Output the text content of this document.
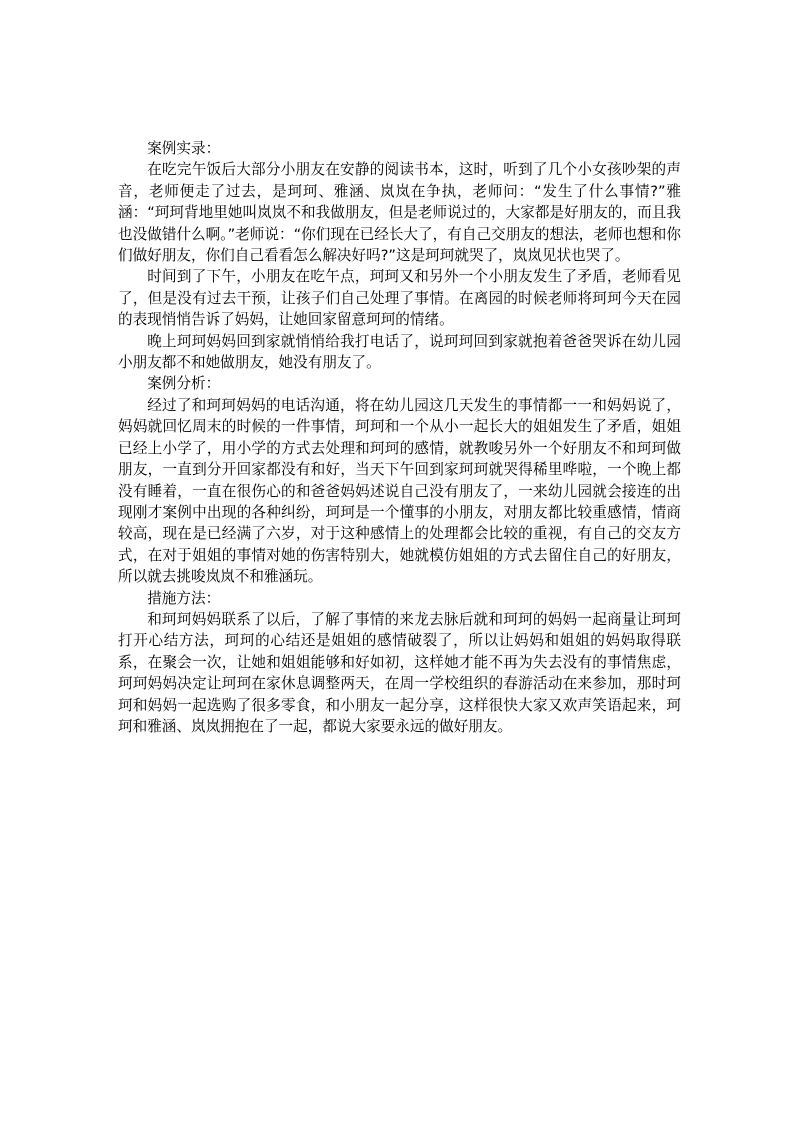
案例实录：

在吃完午饭后大部分小朋友在安静的阅读书本，这时，听到了几个小女孩吵架的声音，老师便走了过去，是珂珂、雅涵、岚岚在争执，老师问：“发生了什么事情?”雅涵：“珂珂背地里她叫岚岚不和我做朋友，但是老师说过的，大家都是好朋友的，而且我也没做错什么啊。”老师说：“你们现在已经长大了，有自己交朋友的想法，老师也想和你们做好朋友，你们自己看看怎么解决好吗?”这是珂珂就哭了，岚岚见状也哭了。

时间到了下午，小朋友在吃午点，珂珂又和另外一个小朋友发生了矛盾，老师看见了，但是没有过去干预，让孩子们自己处理了事情。在离园的时候老师将珂珂今天在园的表现悄悄告诉了妈妈，让她回家留意珂珂的情绪。

晚上珂珂妈妈回到家就悄悄给我打电话了，说珂珂回到家就抱着爸爸哭诉在幼儿园小朋友都不和她做朋友，她没有朋友了。

案例分析：

经过了和珂珂妈妈的电话沟通，将在幼儿园这几天发生的事情都一一和妈妈说了，妈妈就回忆周末的时候的一件事情，珂珂和一个从小一起长大的姐姐发生了矛盾，姐姐已经上小学了，用小学的方式去处理和珂珂的感情，就教唆另外一个好朋友不和珂珂做朋友，一直到分开回家都没有和好，当天下午回到家珂珂就哭得稀里哗啦，一个晚上都没有睡着，一直在很伤心的和爸爸妈妈述说自己没有朋友了，一来幼儿园就会接连的出现刚才案例中出现的各种纠纷，珂珂是一个懂事的小朋友，对朋友都比较重感情，情商较高，现在是已经满了六岁，对于这种感情上的处理都会比较的重视，有自己的交友方式，在对于姐姐的事情对她的伤害特别大，她就模仿姐姐的方式去留住自己的好朋友，所以就去挑唆岚岚不和雅涵玩。

措施方法：

和珂珂妈妈联系了以后，了解了事情的来龙去脉后就和珂珂的妈妈一起商量让珂珂打开心结方法，珂珂的心结还是姐姐的感情破裂了，所以让妈妈和姐姐的妈妈取得联系，在聚会一次，让她和姐姐能够和好如初，这样她才能不再为失去没有的事情焦虑，珂珂妈妈决定让珂珂在家休息调整两天，在周一学校组织的春游活动在来参加，那时珂珂和妈妈一起选购了很多零食，和小朋友一起分享，这样很快大家又欢声笑语起来，珂珂和雅涵、岚岚拥抱在了一起，都说大家要永远的做好朋友。
